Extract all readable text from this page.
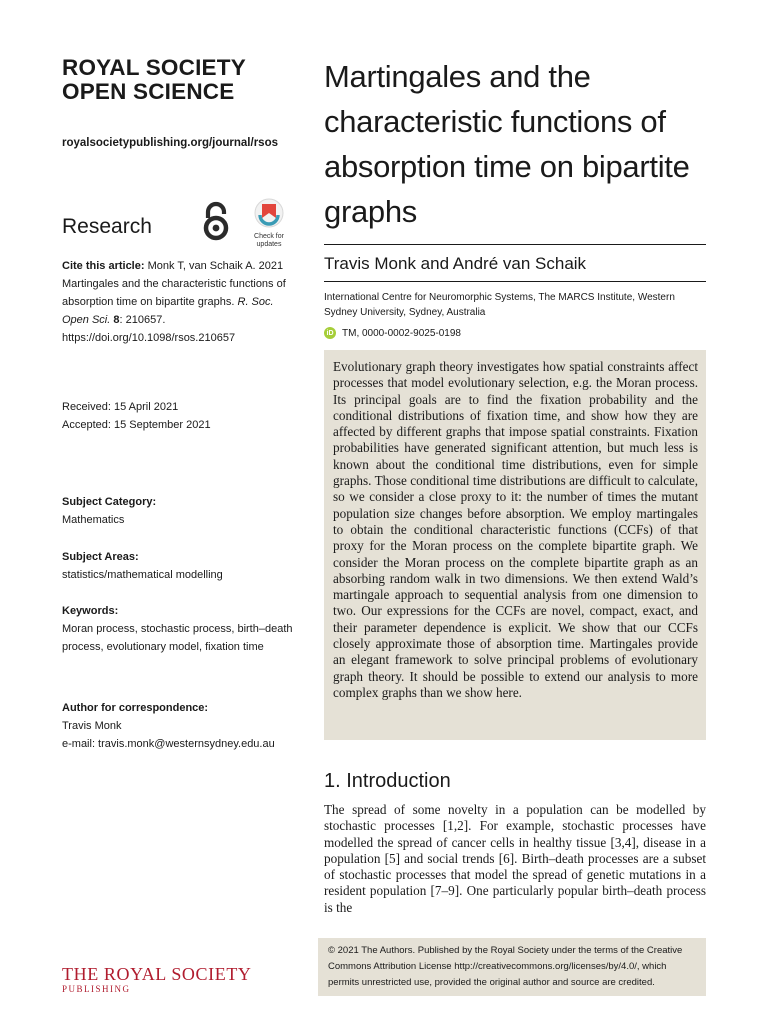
ROYAL SOCIETY
OPEN SCIENCE
royalsocietypublishing.org/journal/rsos
Research	Check for
updates
Cite this article: Monk T, van Schaik A. 2021 Martingales and the characteristic functions of absorption time on bipartite graphs. R. Soc. Open Sci. 8: 210657.
https://doi.org/10.1098/rsos.210657
Received: 15 April 2021
Accepted: 15 September 2021
Subject Category:
Mathematics
Subject Areas:
statistics/mathematical modelling
Keywords:
Moran process, stochastic process, birth–death process, evolutionary model, fixation time
Author for correspondence:
Travis Monk
e-mail: travis.monk@westernsydney.edu.au
Martingales and the characteristic functions of absorption time on bipartite graphs
Travis Monk and André van Schaik
International Centre for Neuromorphic Systems, The MARCS Institute, Western Sydney University, Sydney, Australia
iD TM, 0000-0002-9025-0198
Evolutionary graph theory investigates how spatial constraints affect processes that model evolutionary selection, e.g. the Moran process. Its principal goals are to find the fixation probability and the conditional distributions of fixation time, and show how they are affected by different graphs that impose spatial constraints. Fixation probabilities have generated significant attention, but much less is known about the conditional time distributions, even for simple graphs. Those conditional time distributions are difficult to calculate, so we consider a close proxy to it: the number of times the mutant population size changes before absorption. We employ martingales to obtain the conditional characteristic functions (CCFs) of that proxy for the Moran process on the complete bipartite graph. We consider the Moran process on the complete bipartite graph as an absorbing random walk in two dimensions. We then extend Wald’s martingale approach to sequential analysis from one dimension to two. Our expressions for the CCFs are novel, compact, exact, and their parameter dependence is explicit. We show that our CCFs closely approximate those of absorption time. Martingales provide an elegant framework to solve principal problems of evolutionary graph theory. It should be possible to extend our analysis to more complex graphs than we show here.
1. Introduction
The spread of some novelty in a population can be modelled by stochastic processes [1,2]. For example, stochastic processes have modelled the spread of cancer cells in healthy tissue [3,4], disease in a population [5] and social trends [6]. Birth–death processes are a subset of stochastic processes that model the spread of genetic mutations in a resident population [7–9]. One particularly popular birth–death process is the
© 2021 The Authors. Published by the Royal Society under the terms of the Creative Commons Attribution License http://creativecommons.org/licenses/by/4.0/, which permits unrestricted use, provided the original author and source are credited.
THE ROYAL SOCIETY
PUBLISHING
